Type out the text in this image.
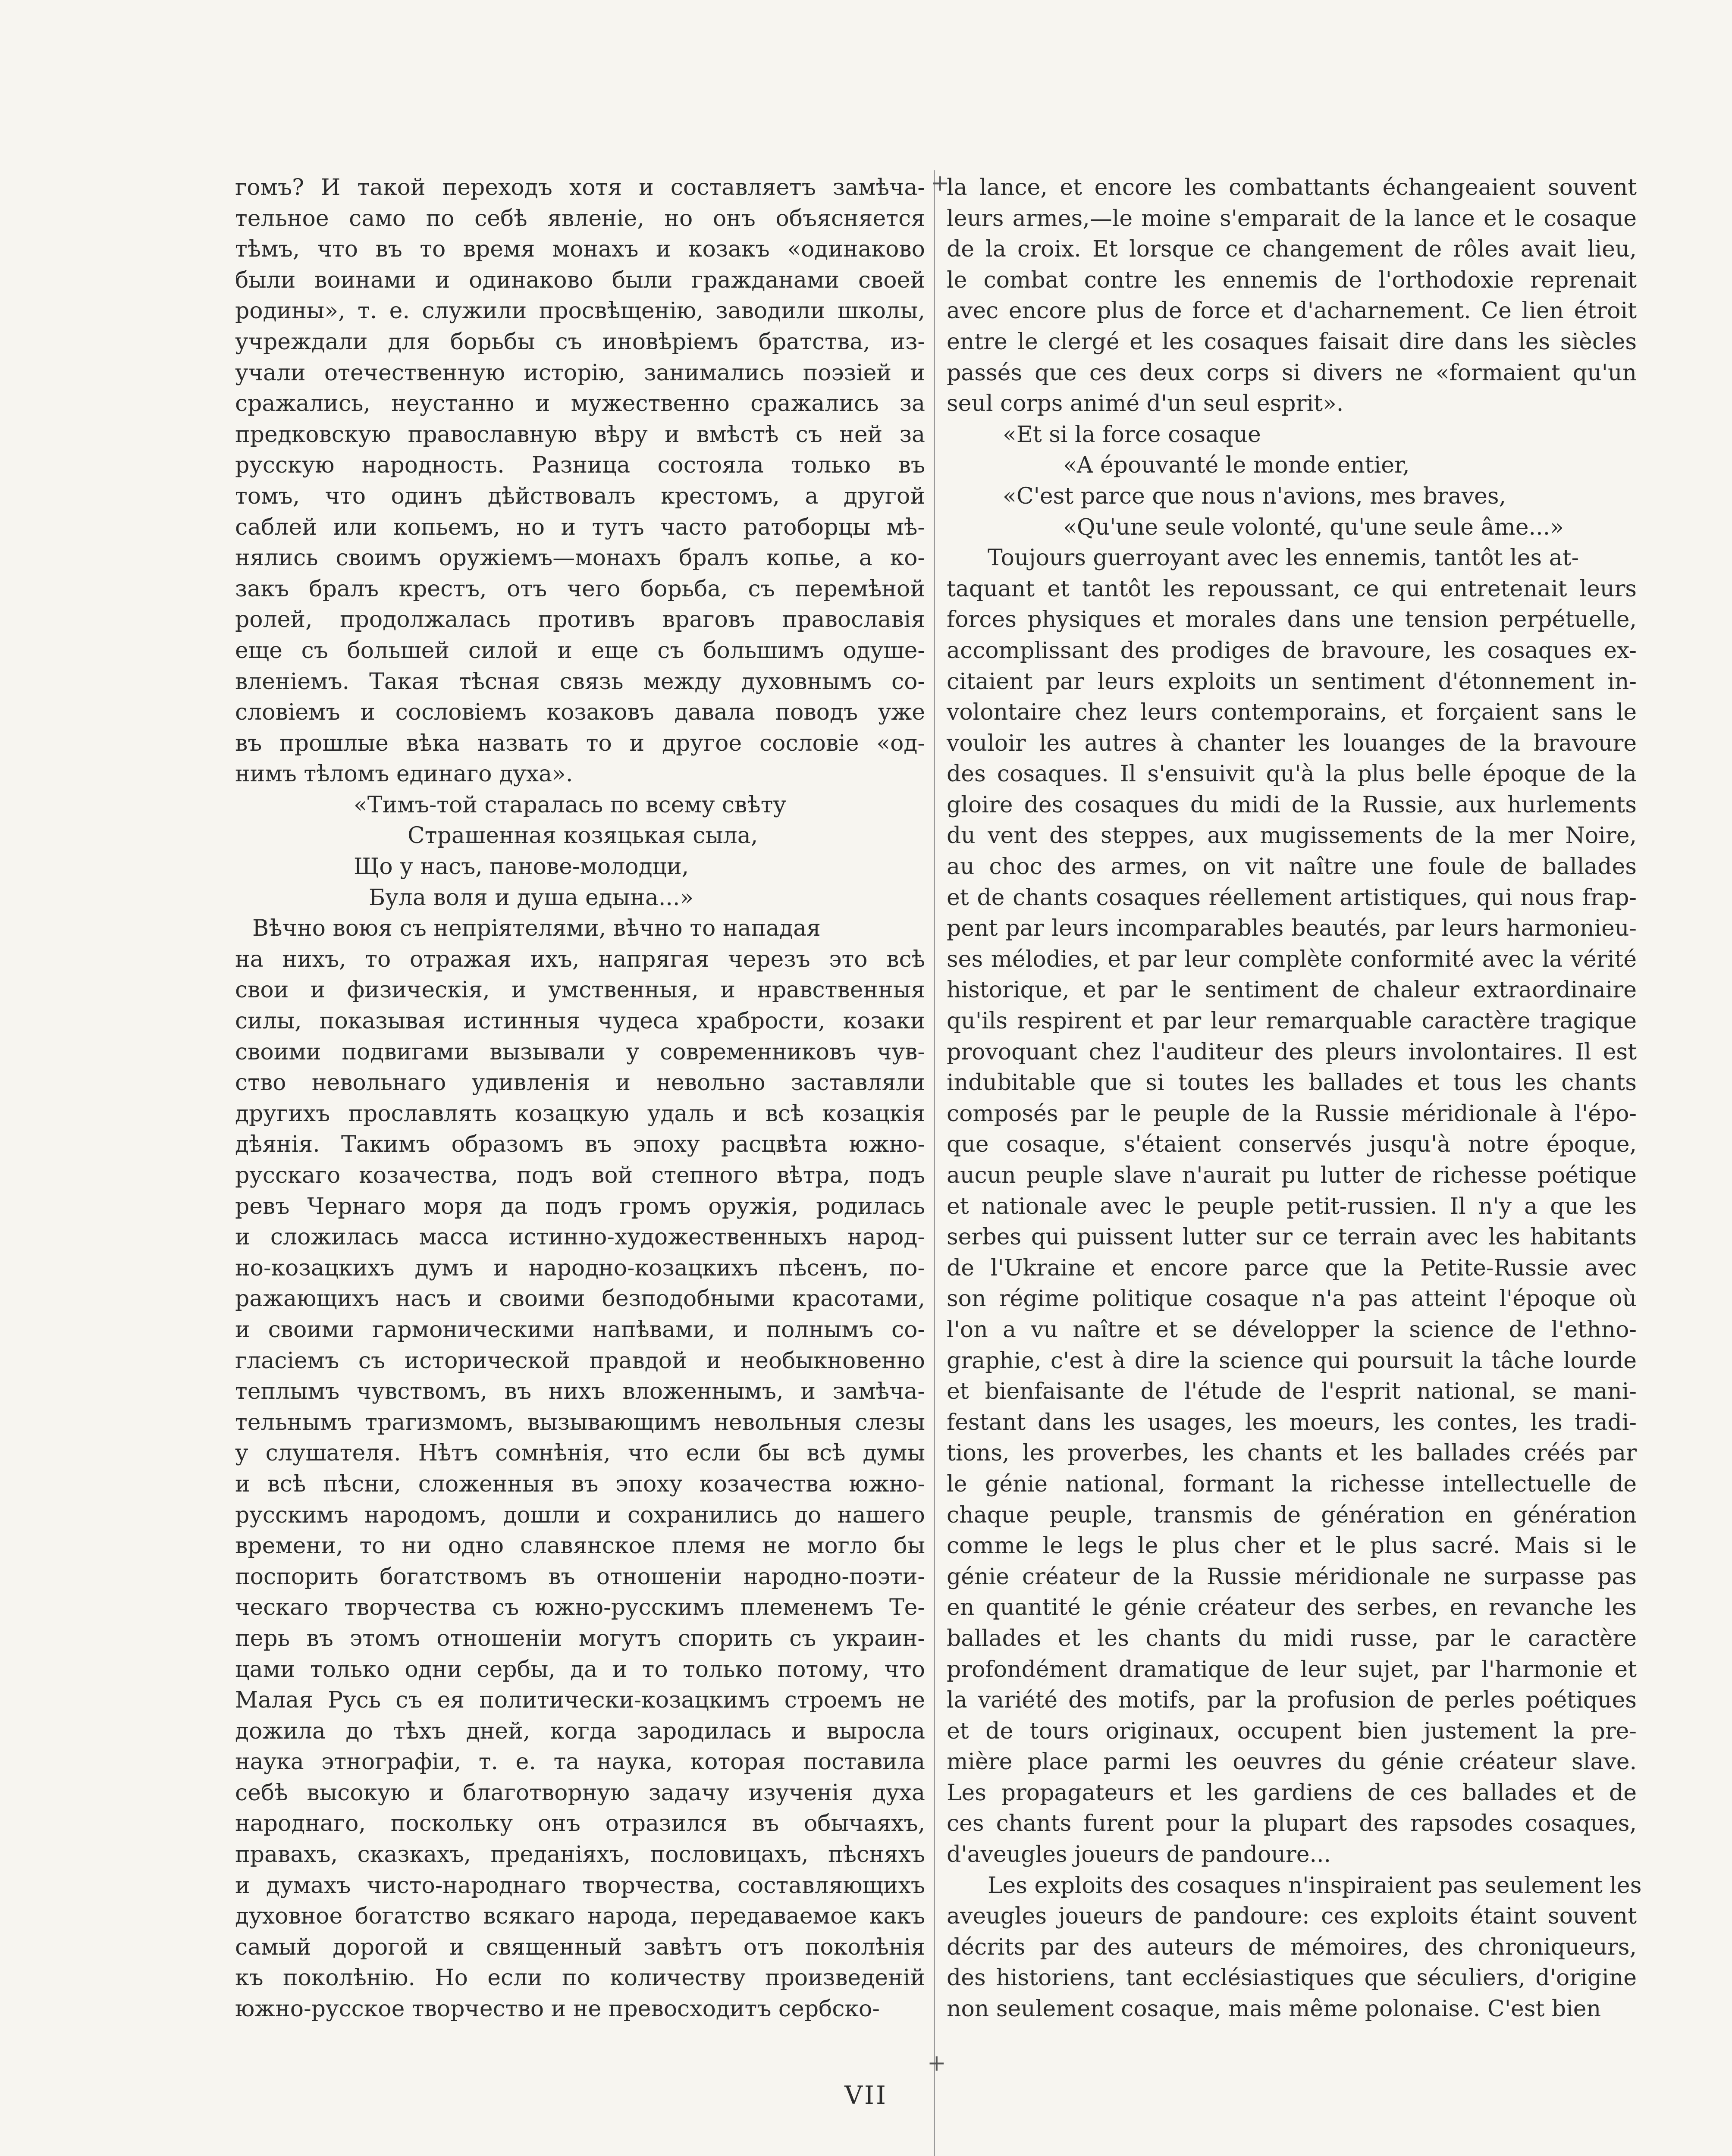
гомъ? И такой переходъ хотя и составляетъ замѣча-
тельное само по себѣ явленіе, но онъ объясняется
тѣмъ, что въ то время монахъ и козакъ «одинаково
были воинами и одинаково были гражданами своей
родины», т. е. служили просвѣщенію, заводили школы,
учреждали для борьбы съ иновѣріемъ братства, из-
учали отечественную исторію, занимались поэзіей и
сражались, неустанно и мужественно сражались за
предковскую православную вѣру и вмѣстѣ съ ней за
русскую народность. Разница состояла только въ
томъ, что одинъ дѣйствовалъ крестомъ, а другой
саблей или копьемъ, но и тутъ часто ратоборцы мѣ-
нялись своимъ оружіемъ—монахъ бралъ копье, а ко-
закъ бралъ крестъ, отъ чего борьба, съ перемѣной
ролей, продолжалась противъ враговъ православія
еще съ большей силой и еще съ большимъ одуше-
вленіемъ. Такая тѣсная связь между духовнымъ со-
словіемъ и сословіемъ козаковъ давала поводъ уже
въ прошлые вѣка назвать то и другое сословіе «од-
нимъ тѣломъ единаго духа».
«Тимъ-той старалась по всему свѣту
Страшенная козяцькая сыла,
Що у насъ, панове-молодци,
Була воля и душа едына...»
Вѣчно воюя съ непріятелями, вѣчно то нападая
на нихъ, то отражая ихъ, напрягая черезъ это всѣ
свои и физическія, и умственныя, и нравственныя
силы, показывая истинныя чудеса храбрости, козаки
своими подвигами вызывали у современниковъ чув-
ство невольнаго удивленія и невольно заставляли
другихъ прославлять козацкую удаль и всѣ козацкія
дѣянія. Такимъ образомъ въ эпоху расцвѣта южно-
русскаго козачества, подъ вой степного вѣтра, подъ
ревъ Чернаго моря да подъ громъ оружія, родилась
и сложилась масса истинно-художественныхъ народ-
но-козацкихъ думъ и народно-козацкихъ пѣсенъ, по-
ражающихъ насъ и своими безподобными красотами,
и своими гармоническими напѣвами, и полнымъ со-
гласіемъ съ исторической правдой и необыкновенно
теплымъ чувствомъ, въ нихъ вложеннымъ, и замѣча-
тельнымъ трагизмомъ, вызывающимъ невольныя слезы
у слушателя. Нѣтъ сомнѣнія, что если бы всѣ думы
и всѣ пѣсни, сложенныя въ эпоху козачества южно-
русскимъ народомъ, дошли и сохранились до нашего
времени, то ни одно славянское племя не могло бы
поспорить богатствомъ въ отношеніи народно-поэти-
ческаго творчества съ южно-русскимъ племенемъ Те-
перь въ этомъ отношеніи могутъ спорить съ украин-
цами только одни сербы, да и то только потому, что
Малая Русь съ ея политически-козацкимъ строемъ не
дожила до тѣхъ дней, когда зародилась и выросла
наука этнографіи, т. е. та наука, которая поставила
себѣ высокую и благотворную задачу изученія духа
народнаго, поскольку онъ отразился въ обычаяхъ,
правахъ, сказкахъ, преданіяхъ, пословицахъ, пѣсняхъ
и думахъ чисто-народнаго творчества, составляющихъ
духовное богатство всякаго народа, передаваемое какъ
самый дорогой и священный завѣтъ отъ поколѣнія
къ поколѣнію. Но если по количеству произведеній
южно-русское творчество и не превосходитъ сербско-
la lance, et encore les combattants échangeaient souvent
leurs armes,—le moine s'emparait de la lance et le cosaque
de la croix. Et lorsque ce changement de rôles avait lieu,
le combat contre les ennemis de l'orthodoxie reprenait
avec encore plus de force et d'acharnement. Ce lien étroit
entre le clergé et les cosaques faisait dire dans les siècles
passés que ces deux corps si divers ne «formaient qu'un
seul corps animé d'un seul esprit».
«Et si la force cosaque
«A épouvanté le monde entier,
«C'est parce que nous n'avions, mes braves,
«Qu'une seule volonté, qu'une seule âme...»
Toujours guerroyant avec les ennemis, tantôt les at-
taquant et tantôt les repoussant, ce qui entretenait leurs
forces physiques et morales dans une tension perpétuelle,
accomplissant des prodiges de bravoure, les cosaques ex-
citaient par leurs exploits un sentiment d'étonnement in-
volontaire chez leurs contemporains, et forçaient sans le
vouloir les autres à chanter les louanges de la bravoure
des cosaques. Il s'ensuivit qu'à la plus belle époque de la
gloire des cosaques du midi de la Russie, aux hurlements
du vent des steppes, aux mugissements de la mer Noire,
au choc des armes, on vit naître une foule de ballades
et de chants cosaques réellement artistiques, qui nous frap-
pent par leurs incomparables beautés, par leurs harmonieu-
ses mélodies, et par leur complète conformité avec la vérité
historique, et par le sentiment de chaleur extraordinaire
qu'ils respirent et par leur remarquable caractère tragique
provoquant chez l'auditeur des pleurs involontaires. Il est
indubitable que si toutes les ballades et tous les chants
composés par le peuple de la Russie méridionale à l'épo-
que cosaque, s'étaient conservés jusqu'à notre époque,
aucun peuple slave n'aurait pu lutter de richesse poétique
et nationale avec le peuple petit-russien. Il n'y a que les
serbes qui puissent lutter sur ce terrain avec les habitants
de l'Ukraine et encore parce que la Petite-Russie avec
son régime politique cosaque n'a pas atteint l'époque où
l'on a vu naître et se développer la science de l'ethno-
graphie, c'est à dire la science qui poursuit la tâche lourde
et bienfaisante de l'étude de l'esprit national, se mani-
festant dans les usages, les moeurs, les contes, les tradi-
tions, les proverbes, les chants et les ballades créés par
le génie national, formant la richesse intellectuelle de
chaque peuple, transmis de génération en génération
comme le legs le plus cher et le plus sacré. Mais si le
génie créateur de la Russie méridionale ne surpasse pas
en quantité le génie créateur des serbes, en revanche les
ballades et les chants du midi russe, par le caractère
profondément dramatique de leur sujet, par l'harmonie et
la variété des motifs, par la profusion de perles poétiques
et de tours originaux, occupent bien justement la pre-
mière place parmi les oeuvres du génie créateur slave.
Les propagateurs et les gardiens de ces ballades et de
ces chants furent pour la plupart des rapsodes cosaques,
d'aveugles joueurs de pandoure...
Les exploits des cosaques n'inspiraient pas seulement les
aveugles joueurs de pandoure: ces exploits étaint souvent
décrits par des auteurs de mémoires, des chroniqueurs,
des historiens, tant ecclésiastiques que séculiers, d'origine
non seulement cosaque, mais même polonaise. C'est bien
+
+
VII
